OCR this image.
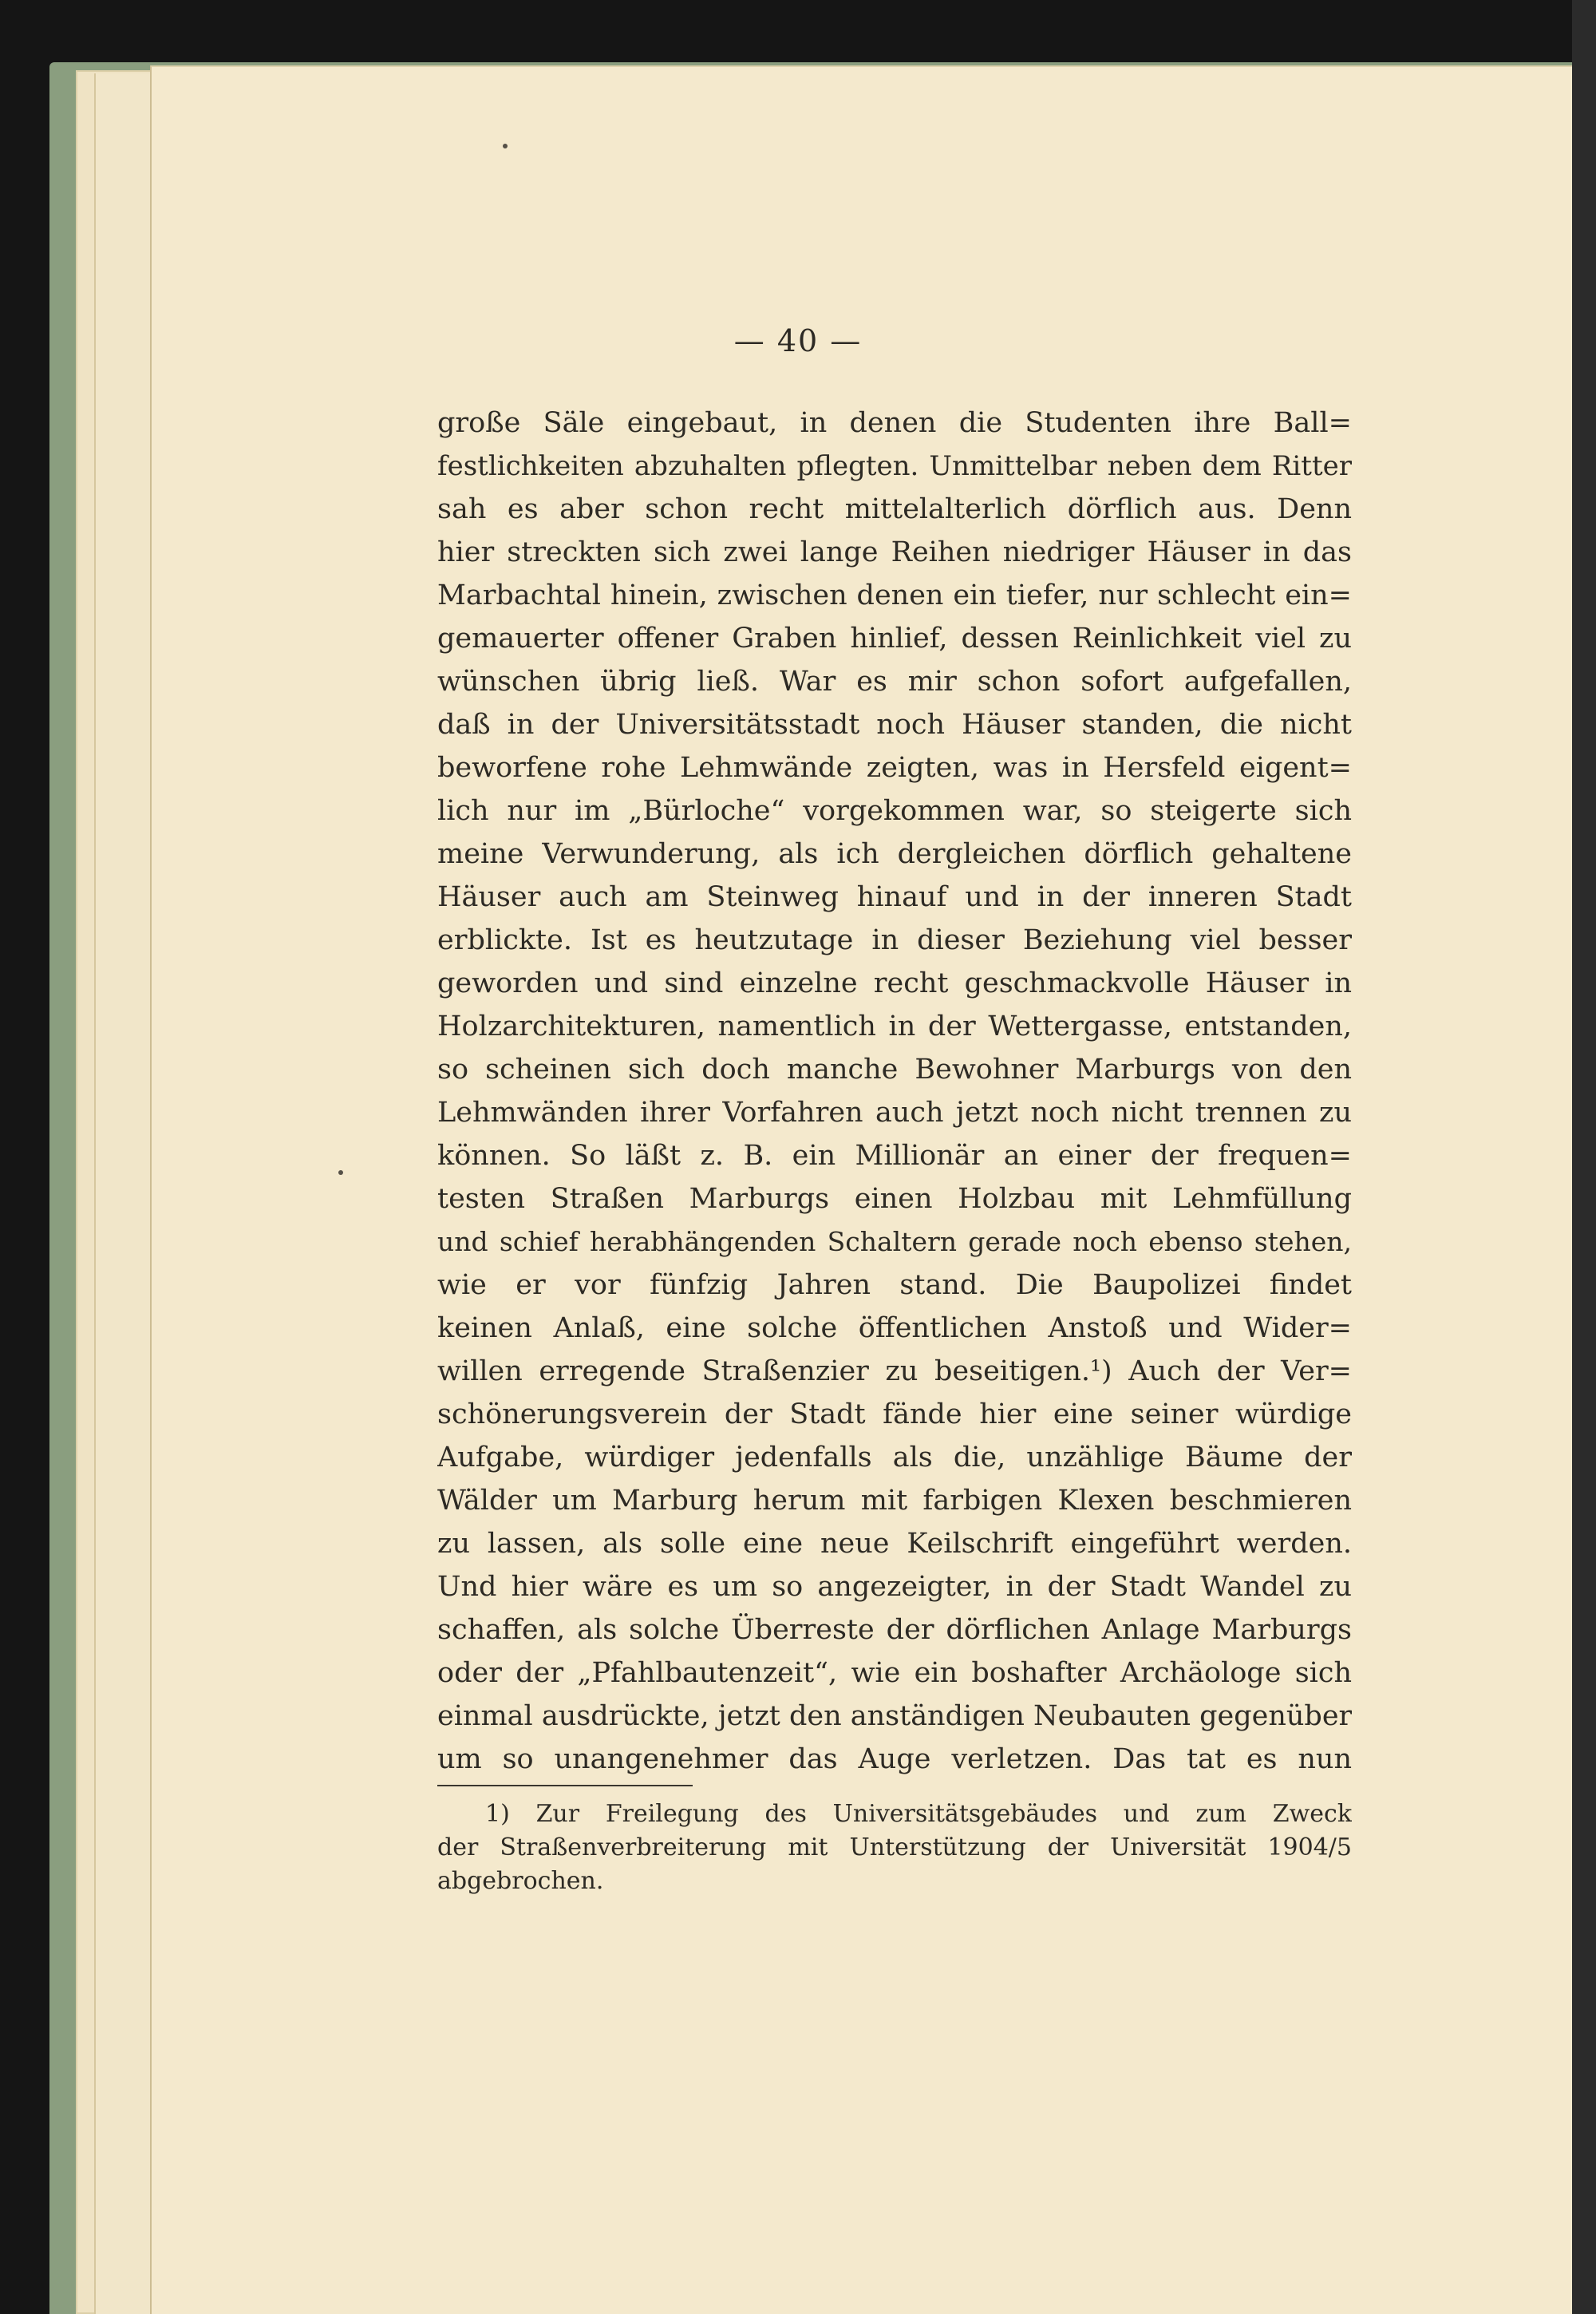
— 40 —
große Säle eingebaut, in denen die Studenten ihre Ball=
festlichkeiten abzuhalten pflegten. Unmittelbar neben dem Ritter
sah es aber schon recht mittelalterlich dörflich aus. Denn
hier streckten sich zwei lange Reihen niedriger Häuser in das
Marbachtal hinein, zwischen denen ein tiefer, nur schlecht ein=
gemauerter offener Graben hinlief, dessen Reinlichkeit viel zu
wünschen übrig ließ. War es mir schon sofort aufgefallen,
daß in der Universitätsstadt noch Häuser standen, die nicht
beworfene rohe Lehmwände zeigten, was in Hersfeld eigent=
lich nur im „Bürloche“ vorgekommen war, so steigerte sich
meine Verwunderung, als ich dergleichen dörflich gehaltene
Häuser auch am Steinweg hinauf und in der inneren Stadt
erblickte. Ist es heutzutage in dieser Beziehung viel besser
geworden und sind einzelne recht geschmackvolle Häuser in
Holzarchitekturen, namentlich in der Wettergasse, entstanden,
so scheinen sich doch manche Bewohner Marburgs von den
Lehmwänden ihrer Vorfahren auch jetzt noch nicht trennen zu
können. So läßt z. B. ein Millionär an einer der frequen=
testen Straßen Marburgs einen Holzbau mit Lehmfüllung
und schief herabhängenden Schaltern gerade noch ebenso stehen,
wie er vor fünfzig Jahren stand. Die Baupolizei findet
keinen Anlaß, eine solche öffentlichen Anstoß und Wider=
willen erregende Straßenzier zu beseitigen.¹) Auch der Ver=
schönerungsverein der Stadt fände hier eine seiner würdige
Aufgabe, würdiger jedenfalls als die, unzählige Bäume der
Wälder um Marburg herum mit farbigen Klexen beschmieren
zu lassen, als solle eine neue Keilschrift eingeführt werden.
Und hier wäre es um so angezeigter, in der Stadt Wandel zu
schaffen, als solche Überreste der dörflichen Anlage Marburgs
oder der „Pfahlbautenzeit“, wie ein boshafter Archäologe sich
einmal ausdrückte, jetzt den anständigen Neubauten gegenüber
um so unangenehmer das Auge verletzen. Das tat es nun
1) Zur Freilegung des Universitätsgebäudes und zum Zweck
der Straßenverbreiterung mit Unterstützung der Universität 1904/5
abgebrochen.
